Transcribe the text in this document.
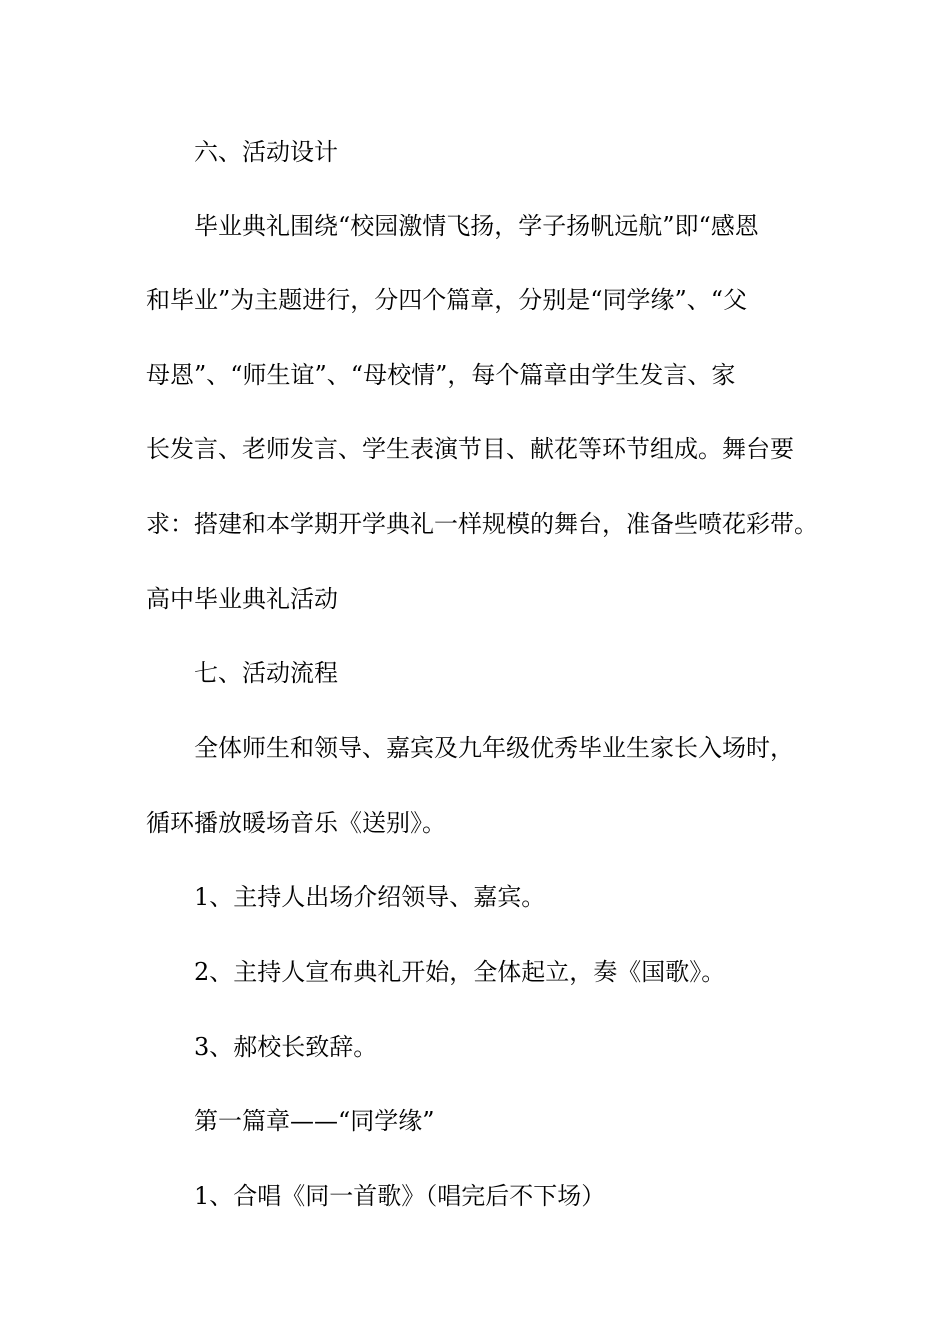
六、活动设计
毕业典礼围绕“校园激情飞扬，学子扬帆远航”即“感恩
和毕业”为主题进行，分四个篇章，分别是“同学缘”、“父
母恩”、“师生谊”、“母校情”，每个篇章由学生发言、家
长发言、老师发言、学生表演节目、献花等环节组成。舞台要
求：搭建和本学期开学典礼一样规模的舞台，准备些喷花彩带。
高中毕业典礼活动
七、活动流程
全体师生和领导、嘉宾及九年级优秀毕业生家长入场时，
循环播放暖场音乐《送别》。
1、主持人出场介绍领导、嘉宾。
2、主持人宣布典礼开始，全体起立，奏《国歌》。
3、郝校长致辞。
第一篇章——“同学缘”
1、合唱《同一首歌》（唱完后不下场）
